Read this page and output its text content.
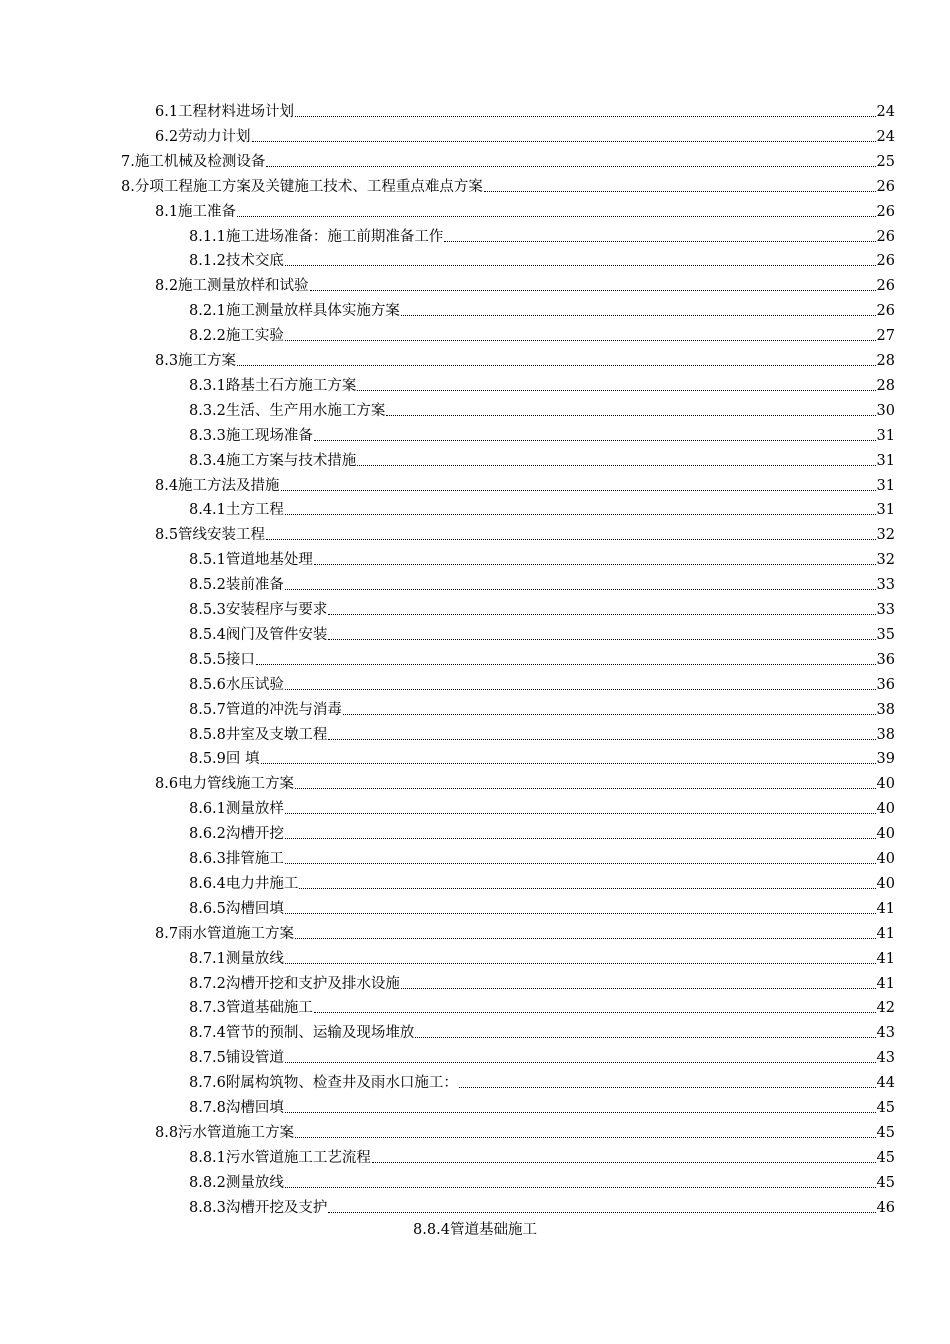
6.1工程材料进场计划	24
6.2劳动力计划	24
7.施工机械及检测设备	25
8.分项工程施工方案及关键施工技术、工程重点难点方案	26
8.1施工准备	26
8.1.1施工进场准备：施工前期准备工作	26
8.1.2技术交底	26
8.2施工测量放样和试验	26
8.2.1施工测量放样具体实施方案	26
8.2.2施工实验	27
8.3施工方案	28
8.3.1路基土石方施工方案	28
8.3.2生活、生产用水施工方案	30
8.3.3施工现场准备	31
8.3.4施工方案与技术措施	31
8.4施工方法及措施	31
8.4.1土方工程	31
8.5管线安装工程	32
8.5.1管道地基处理	32
8.5.2装前准备	33
8.5.3安装程序与要求	33
8.5.4阀门及管件安装	35
8.5.5接口	36
8.5.6水压试验	36
8.5.7管道的冲洗与消毒	38
8.5.8井室及支墩工程	38
8.5.9回 填	39
8.6电力管线施工方案	40
8.6.1测量放样	40
8.6.2沟槽开挖	40
8.6.3排管施工	40
8.6.4电力井施工	40
8.6.5沟槽回填	41
8.7雨水管道施工方案	41
8.7.1测量放线	41
8.7.2沟槽开挖和支护及排水设施	41
8.7.3管道基础施工	42
8.7.4管节的预制、运输及现场堆放	43
8.7.5铺设管道	43
8.7.6附属构筑物、检查井及雨水口施工：	44
8.7.8沟槽回填	45
8.8污水管道施工方案	45
8.8.1污水管道施工工艺流程	45
8.8.2测量放线	45
8.8.3沟槽开挖及支护	46
8.8.4管道基础施工
